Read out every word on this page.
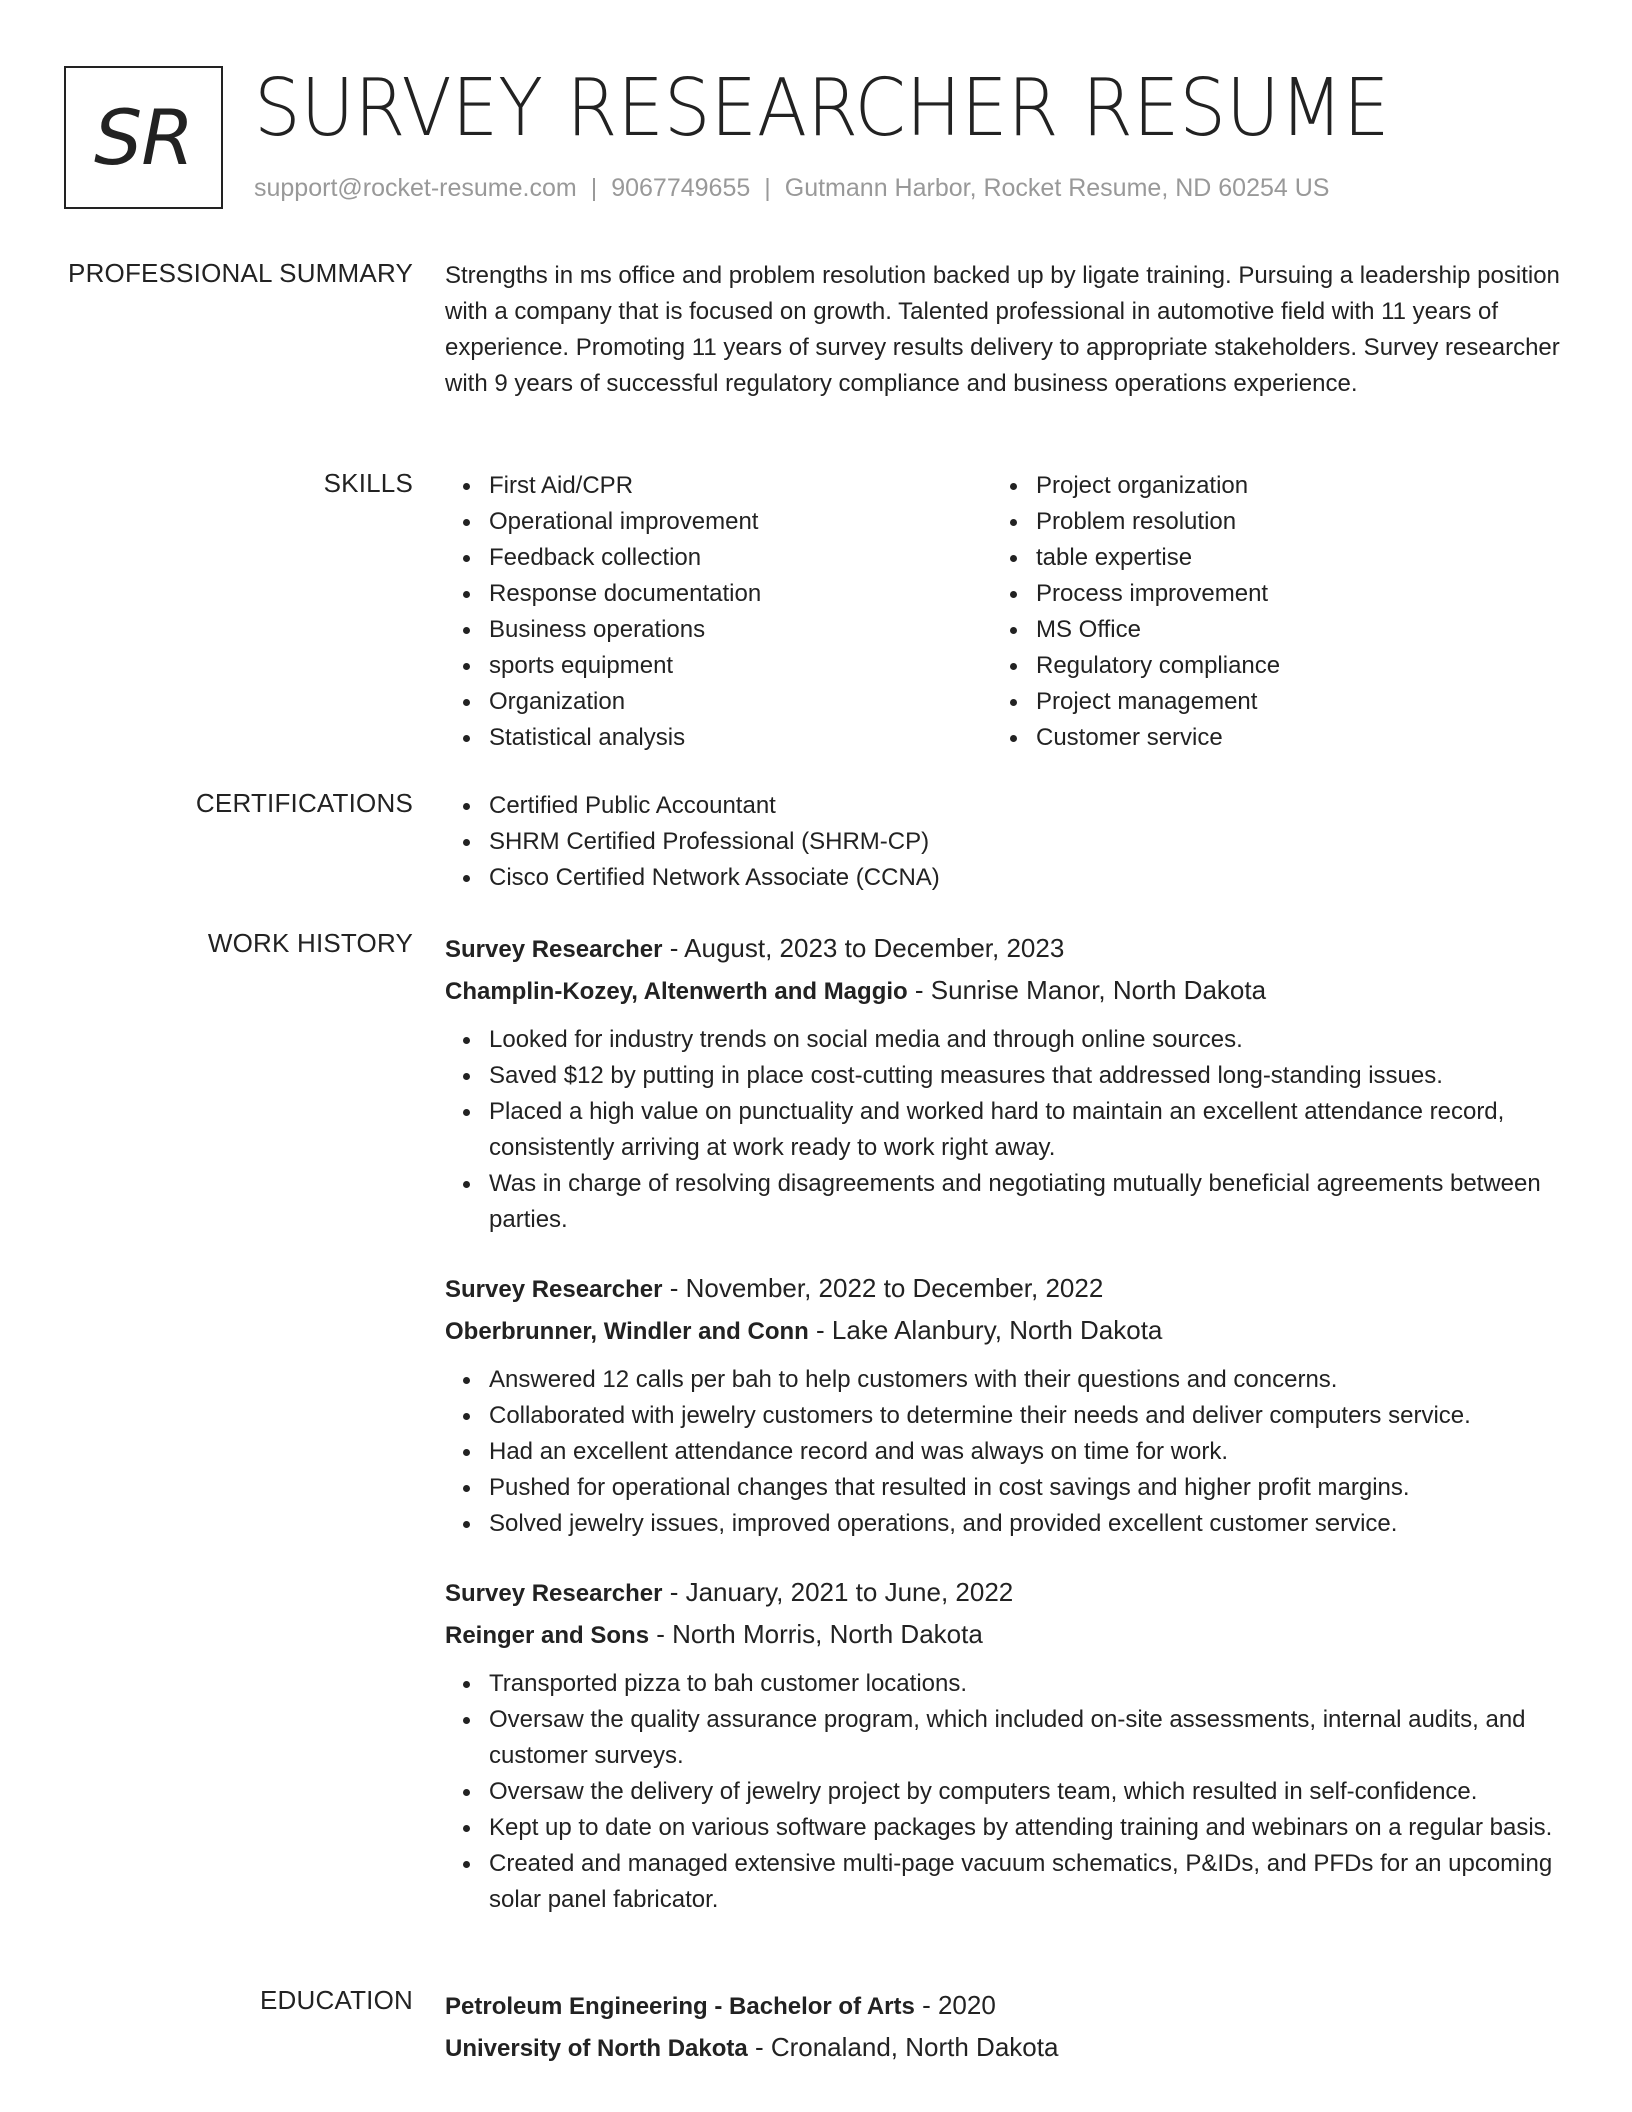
SR SURVEY RESEARCHER RESUME
support@rocket-resume.com | 9067749655 | Gutmann Harbor, Rocket Resume, ND 60254 US
PROFESSIONAL SUMMARY Strengths in ms office and problem resolution backed up by ligate training. Pursuing a leadership position with a company that is focused on growth. Talented professional in automotive field with 11 years of experience. Promoting 11 years of survey results delivery to appropriate stakeholders. Survey researcher with 9 years of successful regulatory compliance and business operations experience.

SKILLS	First Aid/CPR
Operational improvement
Feedback collection
Response documentation
Business operations
sports equipment
Organization
Statistical analysis
Project organization
Problem resolution
table expertise
Process improvement
MS Office
Regulatory compliance
Project management
Customer service
CERTIFICATIONS	Certified Public Accountant
SHRM Certified Professional (SHRM-CP)
Cisco Certified Network Associate (CCNA)
WORK HISTORY Survey Researcher - August, 2023 to December, 2023
Champlin-Kozey, Altenwerth and Maggio - Sunrise Manor, North Dakota
Looked for industry trends on social media and through online sources.
Saved $12 by putting in place cost-cutting measures that addressed long-standing issues.
Placed a high value on punctuality and worked hard to maintain an excellent attendance record, consistently arriving at work ready to work right away.
Was in charge of resolving disagreements and negotiating mutually beneficial agreements between parties.
Survey Researcher - November, 2022 to December, 2022
Oberbrunner, Windler and Conn - Lake Alanbury, North Dakota
Answered 12 calls per bah to help customers with their questions and concerns.
Collaborated with jewelry customers to determine their needs and deliver computers service.
Had an excellent attendance record and was always on time for work.
Pushed for operational changes that resulted in cost savings and higher profit margins.
Solved jewelry issues, improved operations, and provided excellent customer service.
Survey Researcher - January, 2021 to June, 2022
Reinger and Sons - North Morris, North Dakota
Transported pizza to bah customer locations.
Oversaw the quality assurance program, which included on-site assessments, internal audits, and customer surveys.
Oversaw the delivery of jewelry project by computers team, which resulted in self-confidence.
Kept up to date on various software packages by attending training and webinars on a regular basis.
Created and managed extensive multi-page vacuum schematics, P&IDs, and PFDs for an upcoming solar panel fabricator.
EDUCATION Petroleum Engineering - Bachelor of Arts - 2020
University of North Dakota - Cronaland, North Dakota
